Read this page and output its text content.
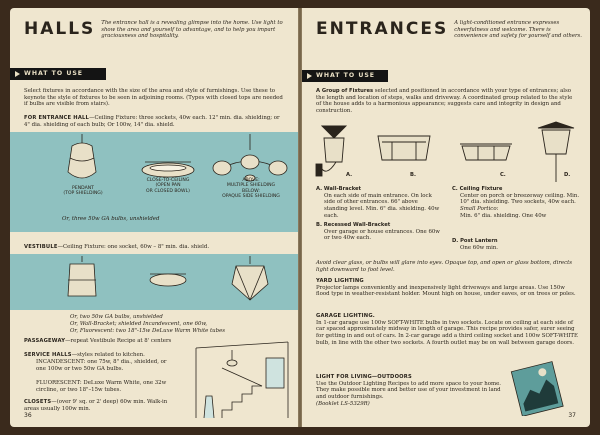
HALLS	The entrance hall is a revealing glimpse into the home. Use light to show the area and yourself to advantage, and to help you impart graciousness and hospitality.
WHAT TO USE
Select fixtures in accordance with the size of the area and style of furnishings. Use these to keynote the style of fixtures to be seen in adjoining rooms. (Types with closed tops are needed if bulbs are visible from stairs).
FOR ENTRANCE HALL—Ceiling Fixture: three sockets, 40w each. 12" min. dia. shielding; or 4" dia. shielding of each bulb; Or 100w, 14" dia. shield.
PENDANT
(TOP SHIELDING)
CLOSE-TO-CEILING
(OPEN PAN
OR CLOSED BOWL)
ABOVE:
MULTIPLE SHIELDING
BELOW:
OPAQUE SIDE SHIELDING
Or, three 50w GA bulbs, unshielded
VESTIBULE—Ceiling Fixture: one socket, 60w – 8" min. dia. shield.
Or, two 50w GA bulbs, unshielded
Or, Wall-Bracket; shielded Incandescent, one 60w,
Or, Fluorescent: two 18"-15w DeLuxe Warm White tubes
PASSAGEWAY—repeat Vestibule Recipe at 8' centers
SERVICE HALLS—styles related to kitchen.
INCANDESCENT: one 75w, 8" dia., shielded, or one 100w or two 50w GA bulbs.
FLUORESCENT: DeLuxe Warm White, one 32w circline, or two 18"–15w tubes.
CLOSETS—(over 9' sq. or 2' deep) 60w min. Walk-in areas usually 100w min.
36
ENTRANCES	A light-conditioned entrance expresses cheerfulness and welcome. There is convenience and safety for yourself and others.
WHAT TO USE
A Group of Fixtures selected and positioned in accordance with your type of entrances; also the length and location of steps, walks and driveway. A coordinated group related to the style of the house adds to a harmonious appearance; suggests care and integrity in design and construction.
A.	B.	C.	D.
A. Wall-Bracket
On each side of main entrance. On lock side of other entrances. 66" above standing level. Min. 6" dia. shielding. 40w each.
B. Recessed Wall-Bracket
Over garage or house entrances. One 60w or two 40w each.
C. Ceiling Fixture
Center on porch or breezeway ceiling. Min. 10" dia. shielding. Two sockets, 40w each.
Small Portico:
Min. 6" dia. shielding. One 40w
D. Post Lantern
One 60w min.
Avoid clear glass, or bulbs will glare into eyes. Opaque top, and open or glass bottom, directs light downward to foot level.
YARD LIGHTING
Projector lamps conveniently and inexpensively light driveways and large areas. Use 150w flood type in weather-resistant holder. Mount high on house, under eaves, or on trees or poles.
GARAGE LIGHTING.
In 1-car garage use 100w SOFT-WHITE bulbs in two sockets. Locate on ceiling at each side of car spaced approximately midway in length of garage. This recipe provides safer, surer seeing for getting in and out of cars. In 2-car garage add a third ceiling socket and 100w SOFT-WHITE bulb, in line with the other two sockets. A fourth outlet may be on wall between garage doors.
LIGHT FOR LIVING—OUTDOORS
Use the Outdoor Lighting Recipes to add more space to your home. They make possible more and better use of your investment in land and outdoor furnishings.
(Booklet LS-5329R)
37
